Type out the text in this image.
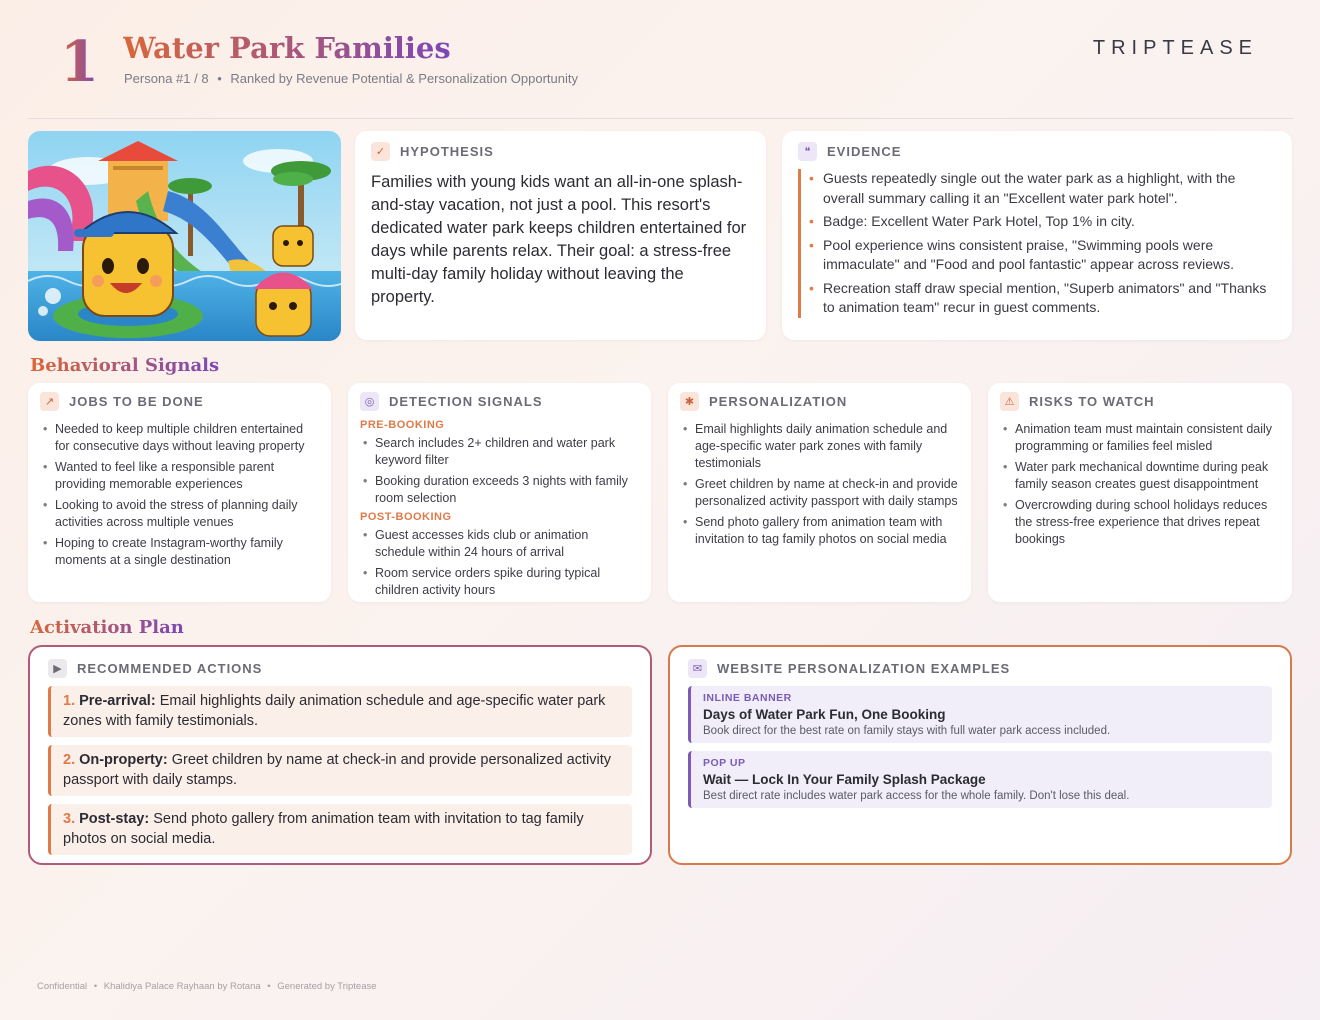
1 Water Park Families
Persona #1 / 8 • Ranked by Revenue Potential & Personalization Opportunity
TRIPTEASE
✓	HYPOTHESIS
Families with young kids want an all-in-one splash-and-stay vacation, not just a pool. This resort's dedicated water park keeps children entertained for days while parents relax. Their goal: a stress-free multi-day family holiday without leaving the property.
❝	EVIDENCE
• Guests repeatedly single out the water park as a highlight, with the overall summary calling it an "Excellent water park hotel".
• Badge: Excellent Water Park Hotel, Top 1% in city.
• Pool experience wins consistent praise, "Swimming pools were immaculate" and "Food and pool fantastic" appear across reviews.
• Recreation staff draw special mention, "Superb animators" and "Thanks to animation team" recur in guest comments.
Behavioral Signals
↗	JOBS TO BE DONE
• Needed to keep multiple children entertained for consecutive days without leaving property
• Wanted to feel like a responsible parent providing memorable experiences
• Looking to avoid the stress of planning daily activities across multiple venues
• Hoping to create Instagram-worthy family moments at a single destination
◎	DETECTION SIGNALS
PRE-BOOKING
• Search includes 2+ children and water park keyword filter
• Booking duration exceeds 3 nights with family room selection
POST-BOOKING
• Guest accesses kids club or animation schedule within 24 hours of arrival
• Room service orders spike during typical children activity hours
✱	PERSONALIZATION
• Email highlights daily animation schedule and age-specific water park zones with family testimonials
• Greet children by name at check-in and provide personalized activity passport with daily stamps
• Send photo gallery from animation team with invitation to tag family photos on social media
⚠	RISKS TO WATCH
• Animation team must maintain consistent daily programming or families feel misled
• Water park mechanical downtime during peak family season creates guest disappointment
• Overcrowding during school holidays reduces the stress-free experience that drives repeat bookings
Activation Plan
▶	RECOMMENDED ACTIONS
1. Pre-arrival: Email highlights daily animation schedule and age-specific water park zones with family testimonials.
2. On-property: Greet children by name at check-in and provide personalized activity passport with daily stamps.
3. Post-stay: Send photo gallery from animation team with invitation to tag family photos on social media.
✉	WEBSITE PERSONALIZATION EXAMPLES
INLINE BANNER
Days of Water Park Fun, One Booking
Book direct for the best rate on family stays with full water park access included.
POP UP
Wait — Lock In Your Family Splash Package
Best direct rate includes water park access for the whole family. Don't lose this deal.
Confidential • Khalidiya Palace Rayhaan by Rotana • Generated by Triptease
